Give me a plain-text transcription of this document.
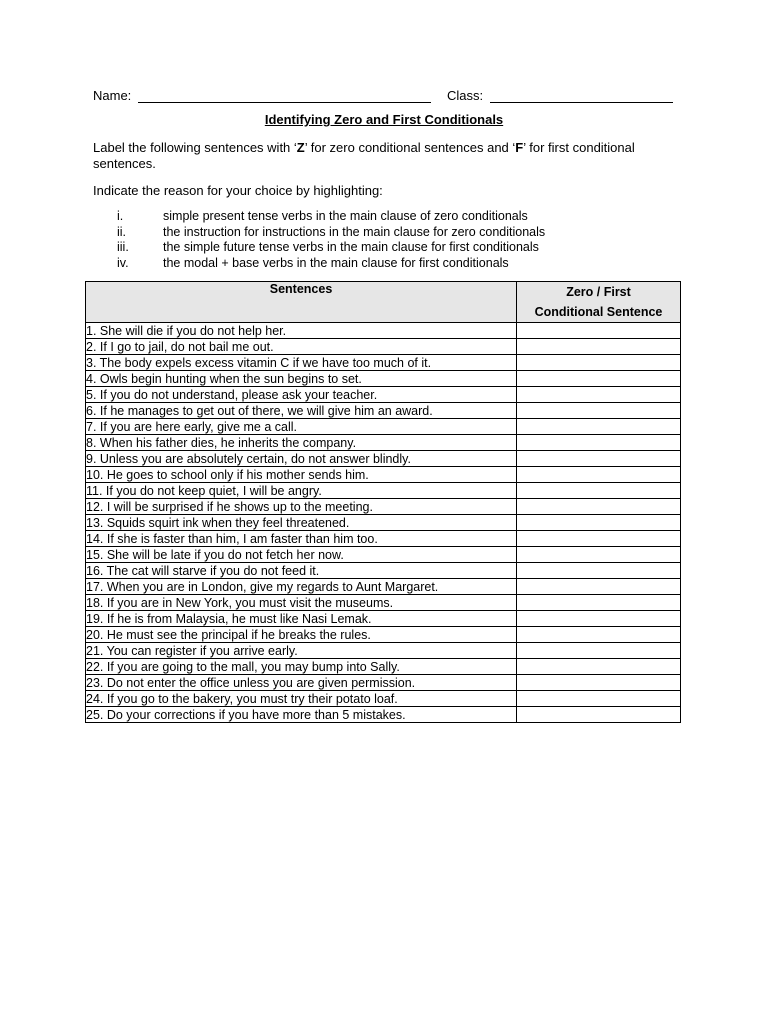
Name:	Class:
Identifying Zero and First Conditionals
Label the following sentences with ‘Z’ for zero conditional sentences and ‘F’ for first conditional sentences.
Indicate the reason for your choice by highlighting:
i.	simple present tense verbs in the main clause of zero conditionals
ii.	the instruction for instructions in the main clause for zero conditionals
iii.	the simple future tense verbs in the main clause for first conditionals
iv.	the modal + base verbs in the main clause for first conditionals
Sentences	Zero / First
Conditional Sentence
1. She will die if you do not help her.	
2. If I go to jail, do not bail me out.	
3. The body expels excess vitamin C if we have too much of it.	
4. Owls begin hunting when the sun begins to set.	
5. If you do not understand, please ask your teacher.	
6. If he manages to get out of there, we will give him an award.	
7. If you are here early, give me a call.	
8. When his father dies, he inherits the company.	
9. Unless you are absolutely certain, do not answer blindly.	
10. He goes to school only if his mother sends him.	
11. If you do not keep quiet, I will be angry.	
12. I will be surprised if he shows up to the meeting.	
13. Squids squirt ink when they feel threatened.	
14. If she is faster than him, I am faster than him too.	
15. She will be late if you do not fetch her now.	
16. The cat will starve if you do not feed it.	
17. When you are in London, give my regards to Aunt Margaret.	
18. If you are in New York, you must visit the museums.	
19. If he is from Malaysia, he must like Nasi Lemak.	
20. He must see the principal if he breaks the rules.	
21. You can register if you arrive early.	
22. If you are going to the mall, you may bump into Sally.	
23. Do not enter the office unless you are given permission.	
24. If you go to the bakery, you must try their potato loaf.	
25. Do your corrections if you have more than 5 mistakes.	
